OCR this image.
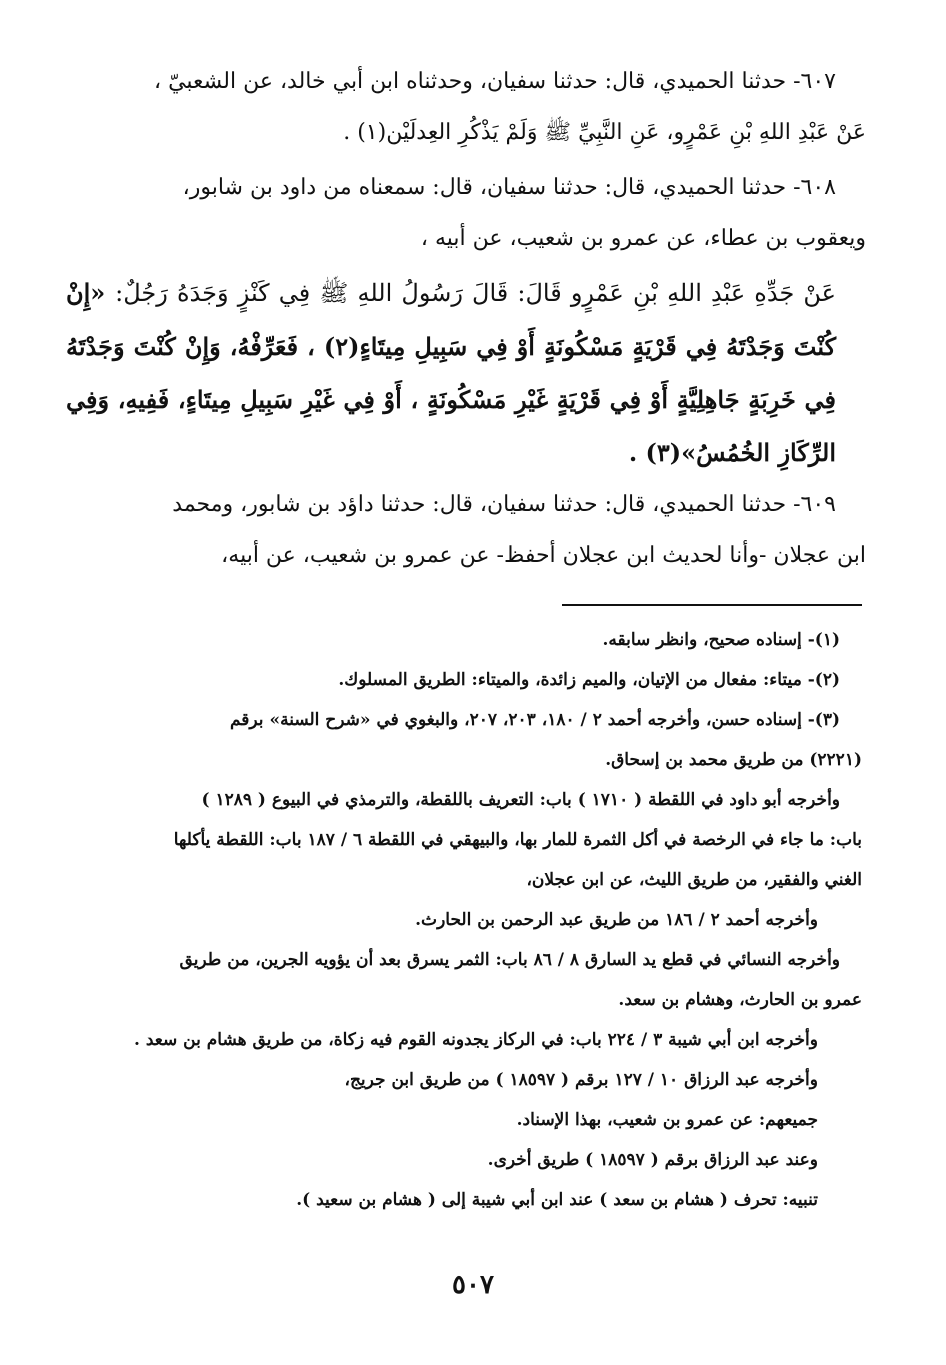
٦٠٧- حدثنا الحميدي، قال: حدثنا سفيان، وحدثناه ابن أبي خالد، عن الشعبيّ ،

عَنْ عَبْدِ اللهِ بْنِ عَمْرٍو، عَنِ النَّبِيِّ ﷺ وَلَمْ يَذْكُرِ العِدلَيْن(١) .

٦٠٨- حدثنا الحميدي، قال: حدثنا سفيان، قال: سمعناه من داود بن شابور،

ويعقوب بن عطاء، عن عمرو بن شعيب، عن أبيه ،

عَنْ جَدِّهِ عَبْدِ اللهِ بْنِ عَمْرٍو قَالَ: قَالَ رَسُولُ اللهِ ﷺ فِي كَنْزٍ وَجَدَهُ رَجُلٌ: «إِنْ كُنْتَ وَجَدْتَهُ فِي قَرْيَةٍ مَسْكُونَةٍ أَوْ فِي سَبِيلِ مِيتَاءٍ(٢) ، فَعَرِّفْهُ، وَإِنْ كُنْتَ وَجَدْتَهُ فِي خَرِبَةٍ جَاهِلِيَّةٍ أَوْ فِي قَرْيَةٍ غَيْرِ مَسْكُونَةٍ ، أَوْ فِي غَيْرِ سَبِيلِ مِيتَاءٍ، فَفِيهِ، وَفِي الرِّكَازِ الخُمُسُ»(٣) .

٦٠٩- حدثنا الحميدي، قال: حدثنا سفيان، قال: حدثنا داؤد بن شابور، ومحمد

ابن عجلان -وأنا لحديث ابن عجلان أحفظ- عن عمرو بن شعيب، عن أبيه،

(١)- إسناده صحيح، وانظر سابقه.

(٢)- ميتاء: مفعال من الإتيان، والميم زائدة، والميتاء: الطريق المسلوك.

(٣)- إسناده حسن، وأخرجه أحمد ٢ / ١٨٠، ٢٠٣، ٢٠٧، والبغوي في «شرح السنة» برقم

(٢٢٢١) من طريق محمد بن إسحاق.

وأخرجه أبو داود في اللقطة ( ١٧١٠ ) باب: التعريف باللقطة، والترمذي في البيوع ( ١٢٨٩ )

باب: ما جاء في الرخصة في أكل الثمرة للمار بها، والبيهقي في اللقطة ٦ / ١٨٧ باب: اللقطة يأكلها

الغني والفقير، من طريق الليث، عن ابن عجلان،

وأخرجه أحمد ٢ / ١٨٦ من طريق عبد الرحمن بن الحارث.

وأخرجه النسائي في قطع يد السارق ٨ / ٨٦ باب: الثمر يسرق بعد أن يؤويه الجرين، من طريق

عمرو بن الحارث، وهشام بن سعد.

وأخرجه ابن أبي شيبة ٣ / ٢٢٤ باب: في الركاز يجدونه القوم فيه زكاة، من طريق هشام بن سعد .

وأخرجه عبد الرزاق ١٠ / ١٢٧ برقم ( ١٨٥٩٧ ) من طريق ابن جريج،

جميعهم: عن عمرو بن شعيب، بهذا الإسناد.

وعند عبد الرزاق برقم ( ١٨٥٩٧ ) طريق أخرى.

تنبيه: تحرف ( هشام بن سعد ) عند ابن أبي شيبة إلى ( هشام بن سعيد ).

٥٠٧
